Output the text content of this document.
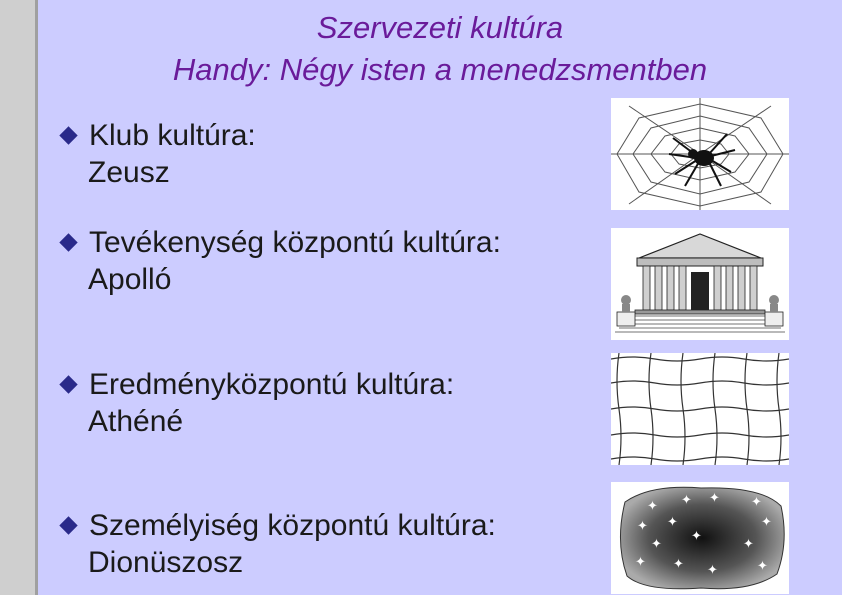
Szervezeti kultúra
Handy: Négy isten a menedzsmentben
Klub kultúra:
Zeusz
Tevékenység központú kultúra:
Apolló
Eredményközpontú kultúra:
Athéné
Személyiség központú kultúra:
Dionüszosz
✦ ✦ ✦ ✦
✦ ✦	✦
✦
✦
✦
✦ ✦ ✦	✦
